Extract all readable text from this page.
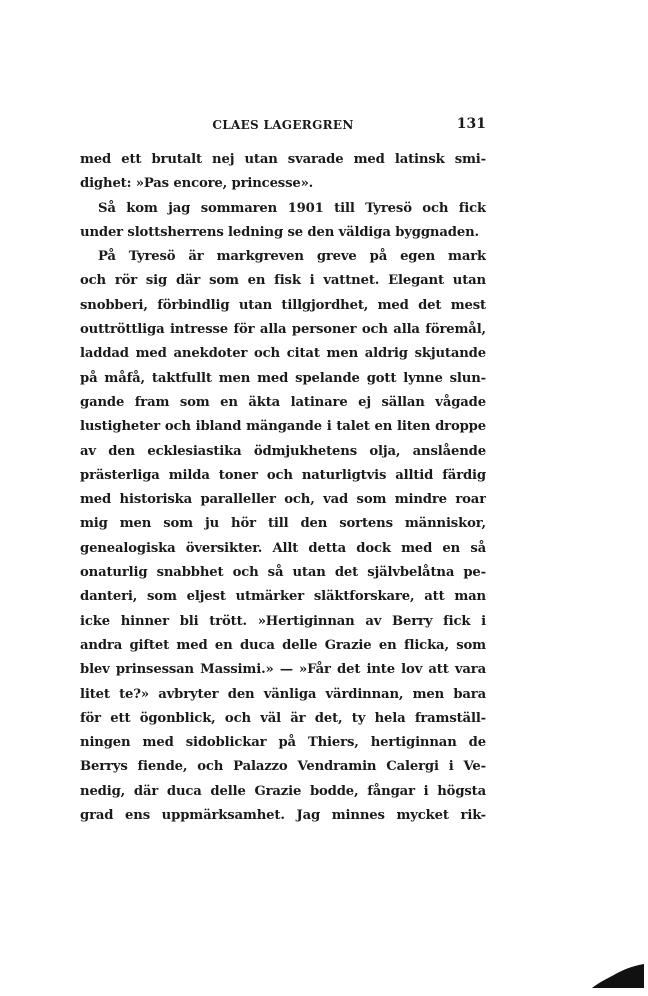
CLAES LAGERGREN	131
med ett brutalt nej utan svarade med latinsk smi-
dighet: »Pas encore, princesse».
Så kom jag sommaren 1901 till Tyresö och fick
under slottsherrens ledning se den väldiga byggnaden.
På Tyresö är markgreven greve på egen mark
och rör sig där som en fisk i vattnet. Elegant utan
snobberi, förbindlig utan tillgjordhet, med det mest
outtröttliga intresse för alla personer och alla föremål,
laddad med anekdoter och citat men aldrig skjutande
på måfå, taktfullt men med spelande gott lynne slun-
gande fram som en äkta latinare ej sällan vågade
lustigheter och ibland mängande i talet en liten droppe
av den ecklesiastika ödmjukhetens olja, anslående
prästerliga milda toner och naturligtvis alltid färdig
med historiska paralleller och, vad som mindre roar
mig men som ju hör till den sortens människor,
genealogiska översikter. Allt detta dock med en så
onaturlig snabbhet och så utan det självbelåtna pe-
danteri, som eljest utmärker släktforskare, att man
icke hinner bli trött. »Hertiginnan av Berry fick i
andra giftet med en duca delle Grazie en flicka, som
blev prinsessan Massimi.» — »Får det inte lov att vara
litet te?» avbryter den vänliga värdinnan, men bara
för ett ögonblick, och väl är det, ty hela framställ-
ningen med sidoblickar på Thiers, hertiginnan de
Berrys fiende, och Palazzo Vendramin Calergi i Ve-
nedig, där duca delle Grazie bodde, fångar i högsta
grad ens uppmärksamhet. Jag minnes mycket rik-
